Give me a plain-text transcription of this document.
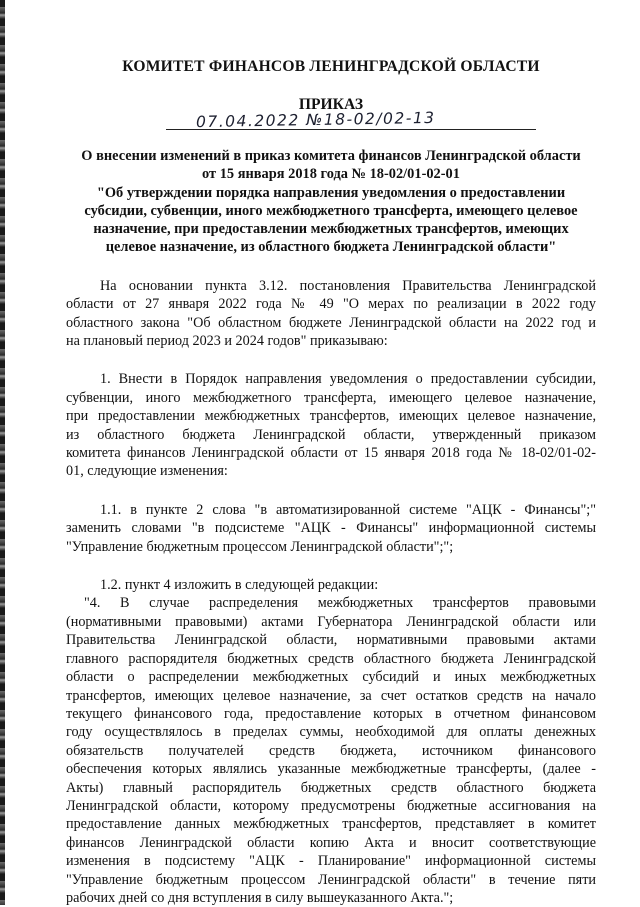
КОМИТЕТ ФИНАНСОВ ЛЕНИНГРАДСКОЙ ОБЛАСТИ
ПРИКАЗ
07.04.2022 №18-02/02-13
О внесении изменений в приказ комитета финансов Ленинградской области
от 15 января 2018 года № 18-02/01-02-01
"Об утверждении порядка направления уведомления о предоставлении
субсидии, субвенции, иного межбюджетного трансферта, имеющего целевое
назначение, при предоставлении межбюджетных трансфертов, имеющих
целевое назначение, из областного бюджета Ленинградской области"
На основании пункта 3.12. постановления Правительства Ленинградской
области от 27 января 2022 года № 49 "О мерах по реализации в 2022 году
областного закона "Об областном бюджете Ленинградской области на 2022 год и
на плановый период 2023 и 2024 годов" приказываю:
1. Внести в Порядок направления уведомления о предоставлении субсидии,
субвенции, иного межбюджетного трансферта, имеющего целевое назначение,
при предоставлении межбюджетных трансфертов, имеющих целевое назначение,
из областного бюджета Ленинградской области, утвержденный приказом
комитета финансов Ленинградской области от 15 января 2018 года № 18-02/01-02-
01, следующие изменения:
1.1. в пункте 2 слова "в автоматизированной системе "АЦК - Финансы";"
заменить словами "в подсистеме "АЦК - Финансы" информационной системы
"Управление бюджетным процессом Ленинградской области";";
1.2. пункт 4 изложить в следующей редакции:
"4. В случае распределения межбюджетных трансфертов правовыми
(нормативными правовыми) актами Губернатора Ленинградской области или
Правительства Ленинградской области, нормативными правовыми актами
главного распорядителя бюджетных средств областного бюджета Ленинградской
области о распределении межбюджетных субсидий и иных межбюджетных
трансфертов, имеющих целевое назначение, за счет остатков средств на начало
текущего финансового года, предоставление которых в отчетном финансовом
году осуществлялось в пределах суммы, необходимой для оплаты денежных
обязательств получателей средств бюджета, источником финансового
обеспечения которых являлись указанные межбюджетные трансферты, (далее -
Акты) главный распорядитель бюджетных средств областного бюджета
Ленинградской области, которому предусмотрены бюджетные ассигнования на
предоставление данных межбюджетных трансфертов, представляет в комитет
финансов Ленинградской области копию Акта и вносит соответствующие
изменения в подсистему "АЦК - Планирование" информационной системы
"Управление бюджетным процессом Ленинградской области" в течение пяти
рабочих дней со дня вступления в силу вышеуказанного Акта.";
